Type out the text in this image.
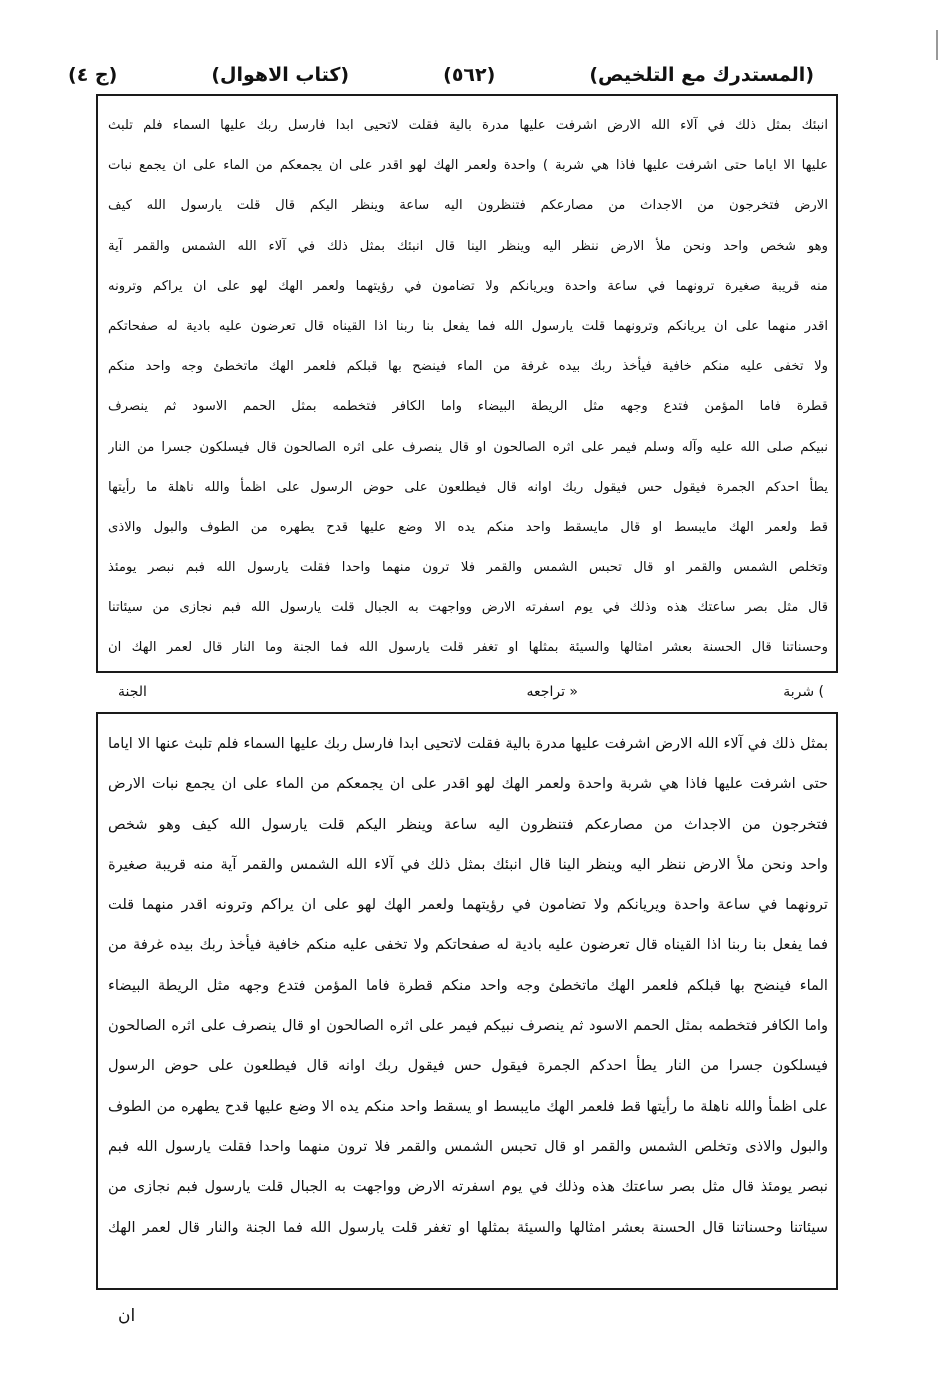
(المستدرك مع التلخيص)
(٥٦٢)
(كتاب الاهوال)
(ج ٤)
انبئك بمثل ذلك في آلاء الله الارض اشرفت عليها مدرة بالية فقلت لاتحيى ابدا فارسل ربك عليها السماء فلم تلبث
عليها الا اياما حتى اشرفت عليها فاذا هي شربة ) واحدة ولعمر الهك لهو اقدر على ان يجمعكم من الماء على ان يجمع نبات
الارض فتخرجون من الاجداث من مصارعكم فتنظرون اليه ساعة وينظر اليكم قال قلت يارسول الله كيف
وهو شخص واحد ونحن ملأ الارض ننظر اليه وينظر الينا قال انبئك بمثل ذلك في آلاء الله الشمس والقمر آية
منه قريبة صغيرة ترونهما في ساعة واحدة ويريانكم ولا تضامون في رؤيتهما ولعمر الهك لهو على ان يراكم وترونه
اقدر منهما على ان يريانكم وترونهما قلت يارسول الله فما يفعل بنا ربنا اذا القيناه قال تعرضون عليه بادية له صفحاتكم
ولا تخفى عليه منكم خافية فيأخذ ربك بيده غرفة من الماء فينضح بها قبلكم فلعمر الهك ماتخطئ وجه واحد منكم
قطرة فاما المؤمن فتدع وجهه مثل الريطة البيضاء واما الكافر فتخطمه بمثل الحمم الاسود ثم ينصرف
نبيكم صلى الله عليه وآله وسلم فيمر على اثره الصالحون او قال ينصرف على اثره الصالحون قال فيسلكون جسرا من النار
يطأ احدكم الجمرة فيقول حس فيقول ربك اوانه قال فيطلعون على حوض الرسول على اظمأ والله ناهلة ما رأيتها
قط ولعمر الهك مايبسط او قال مايسقط واحد منكم يده الا وضع عليها قدح يطهره من الطوف والبول والاذى
وتخلص الشمس والقمر او قال تحبس الشمس والقمر فلا ترون منهما واحدا فقلت يارسول الله فبم نبصر يومئذ
قال مثل بصر ساعتك هذه وذلك في يوم اسفرته الارض وواجهت به الجبال قلت يارسول الله فبم نجازى من سيئاتنا
وحسناتنا قال الحسنة بعشر امثالها والسيئة بمثلها او تغفر قلت يارسول الله فما الجنة وما النار قال لعمر الهك ان
) شربة
« تراجعه
الجنة
بمثل ذلك في آلاء الله الارض اشرفت عليها مدرة بالية فقلت لاتحيى ابدا فارسل ربك عليها السماء فلم تلبث عنها الا اياما
حتى اشرفت عليها فاذا هي شربة واحدة ولعمر الهك لهو اقدر على ان يجمعكم من الماء على ان يجمع نبات الارض
فتخرجون من الاجداث من مصارعكم فتنظرون اليه ساعة وينظر اليكم قلت يارسول الله كيف وهو شخص
واحد ونحن ملأ الارض ننظر اليه وينظر الينا قال انبئك بمثل ذلك في آلاء الله الشمس والقمر آية منه قريبة صغيرة
ترونهما في ساعة واحدة ويريانكم ولا تضامون في رؤيتهما ولعمر الهك لهو على ان يراكم وترونه اقدر منهما قلت
فما يفعل بنا ربنا اذا القيناه قال تعرضون عليه بادية له صفحاتكم ولا تخفى عليه منكم خافية فيأخذ ربك بيده غرفة من
الماء فينضح بها قبلكم فلعمر الهك ماتخطئ وجه واحد منكم قطرة فاما المؤمن فتدع وجهه مثل الريطة البيضاء
واما الكافر فتخطمه بمثل الحمم الاسود ثم ينصرف نبيكم فيمر على اثره الصالحون او قال ينصرف على اثره الصالحون
فيسلكون جسرا من النار يطأ احدكم الجمرة فيقول حس فيقول ربك اوانه قال فيطلعون على حوض الرسول
على اظمأ والله ناهلة ما رأيتها قط فلعمر الهك مايبسط او يسقط واحد منكم يده الا وضع عليها قدح يطهره من الطوف
والبول والاذى وتخلص الشمس والقمر او قال تحبس الشمس والقمر فلا ترون منهما واحدا فقلت يارسول الله فبم
نبصر يومئذ قال مثل بصر ساعتك هذه وذلك في يوم اسفرته الارض وواجهت به الجبال قلت يارسول فبم نجازى من
سيئاتنا وحسناتنا قال الحسنة بعشر امثالها والسيئة بمثلها او تغفر قلت يارسول الله فما الجنة والنار قال لعمر الهك
ان
